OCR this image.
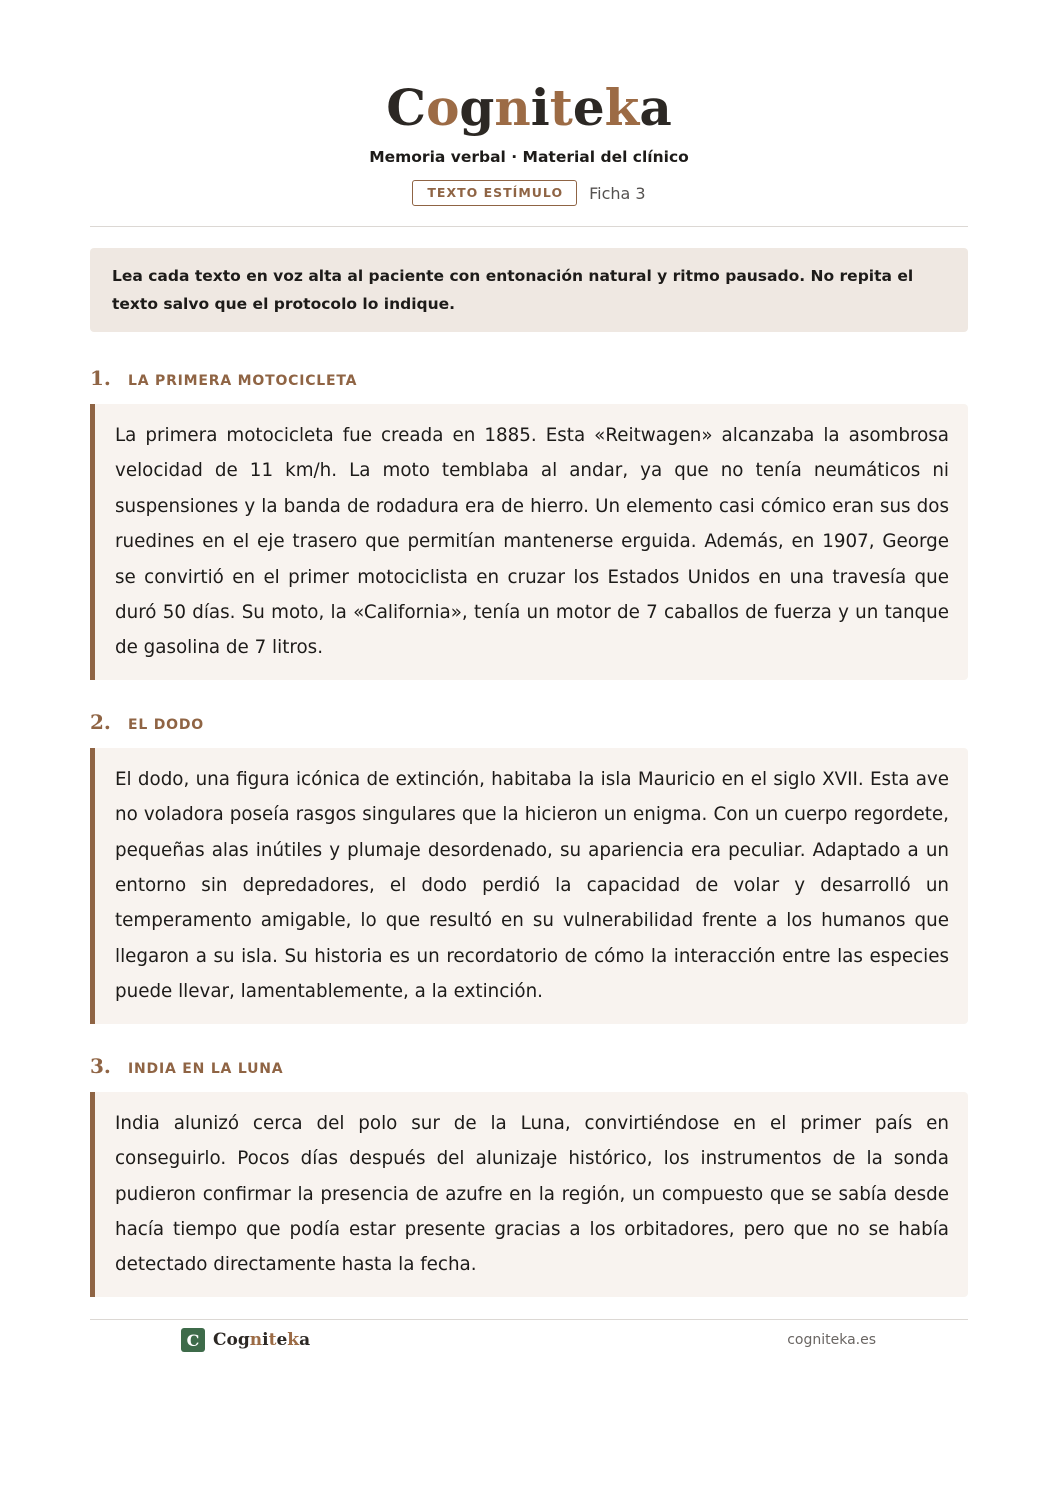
Cogniteka
Memoria verbal · Material del clínico
TEXTO ESTÍMULO	Ficha 3
Lea cada texto en voz alta al paciente con entonación natural y ritmo pausado. No repita el texto salvo que el protocolo lo indique.
1.	LA PRIMERA MOTOCICLETA
La primera motocicleta fue creada en 1885. Esta «Reitwagen» alcanzaba la asombrosa velocidad de 11 km/h. La moto temblaba al andar, ya que no tenía neumáticos ni suspensiones y la banda de rodadura era de hierro. Un elemento casi cómico eran sus dos ruedines en el eje trasero que permitían mantenerse erguida. Además, en 1907, George se convirtió en el primer motociclista en cruzar los Estados Unidos en una travesía que duró 50 días. Su moto, la «California», tenía un motor de 7 caballos de fuerza y un tanque de gasolina de 7 litros.
2.	EL DODO
El dodo, una figura icónica de extinción, habitaba la isla Mauricio en el siglo XVII. Esta ave no voladora poseía rasgos singulares que la hicieron un enigma. Con un cuerpo regordete, pequeñas alas inútiles y plumaje desordenado, su apariencia era peculiar. Adaptado a un entorno sin depredadores, el dodo perdió la capacidad de volar y desarrolló un temperamento amigable, lo que resultó en su vulnerabilidad frente a los humanos que llegaron a su isla. Su historia es un recordatorio de cómo la interacción entre las especies puede llevar, lamentablemente, a la extinción.
3.	INDIA EN LA LUNA
India alunizó cerca del polo sur de la Luna, convirtiéndose en el primer país en conseguirlo. Pocos días después del alunizaje histórico, los instrumentos de la sonda pudieron confirmar la presencia de azufre en la región, un compuesto que se sabía desde hacía tiempo que podía estar presente gracias a los orbitadores, pero que no se había detectado directamente hasta la fecha.
C Cogniteka	cogniteka.es
